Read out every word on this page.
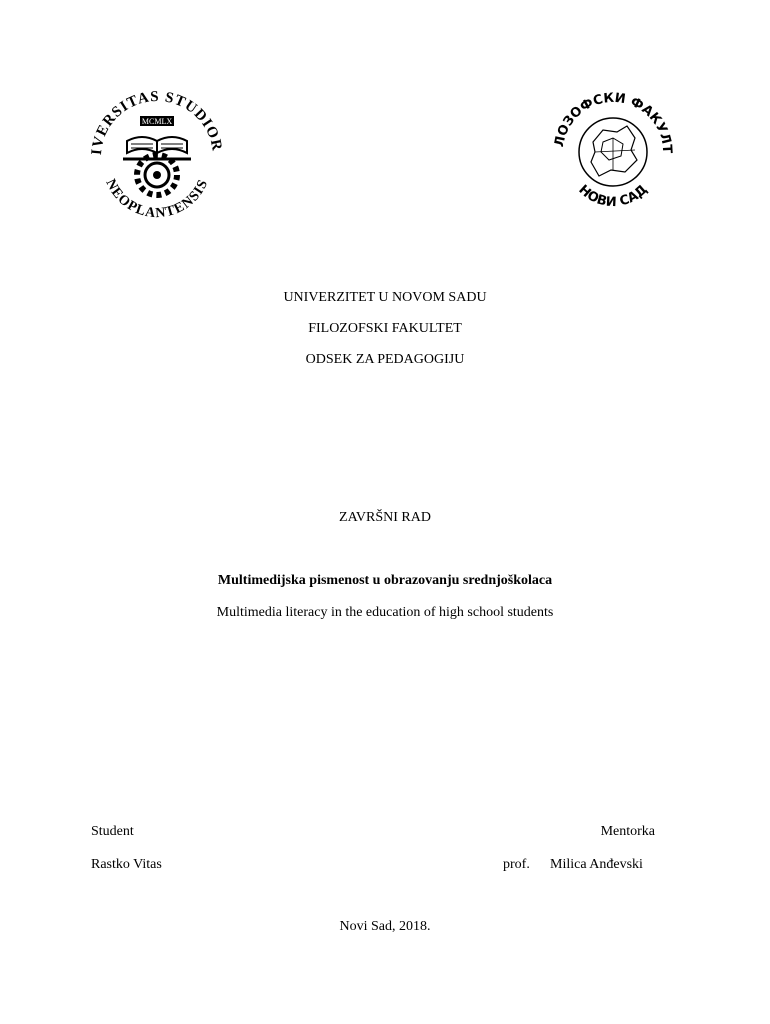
IVERSITAS STUDIOR
NEOPLANTENSIS
MCMLX
ЛОЗОФСКИ ФАКУЛТ
НОВИ САД
UNIVERZITET U NOVOM SADU
FILOZOFSKI FAKULTET
ODSEK ZA PEDAGOGIJU
ZAVRŠNI RAD
Multimedijska pismenost u obrazovanju srednjoškolaca
Multimedia literacy in the education of high school students
Student	Mentorka
Rastko Vitas	prof. Milica Anđevski
Novi Sad, 2018.
